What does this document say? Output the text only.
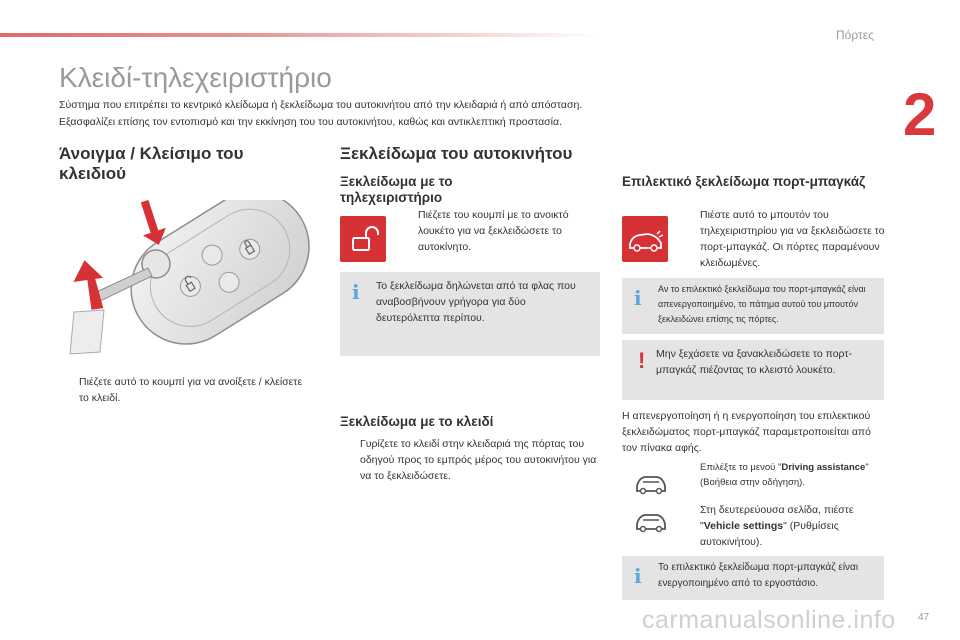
Πόρτες
2
Κλειδί-τηλεχειριστήριο
Σύστημα που επιτρέπει το κεντρικό κλείδωμα ή ξεκλείδωμα του αυτοκινήτου από την κλειδαριά ή από απόσταση.
Εξασφαλίζει επίσης τον εντοπισμό και την εκκίνηση του του αυτοκινήτου, καθώς και αντικλεπτική προστασία.
Άνοιγμα / Κλείσιμο του κλειδιού
Πιέζετε αυτό το κουμπί για να ανοίξετε / κλείσετε το κλειδί.
Ξεκλείδωμα του αυτοκινήτου
Ξεκλείδωμα με το τηλεχειριστήριο
Πιέζετε του κουμπί με το ανοικτό λουκέτο για να ξεκλειδώσετε το αυτοκίνητο.
i Το ξεκλείδωμα δηλώνεται από τα φλας που αναβοσβήνουν γρήγορα για δύο δευτερόλεπτα περίπου.
Ξεκλείδωμα με το κλειδί
Γυρίζετε το κλειδί στην κλειδαριά της πόρτας του οδηγού προς το εμπρός μέρος του αυτοκινήτου για να το ξεκλειδώσετε.
Επιλεκτικό ξεκλείδωμα πορτ-μπαγκάζ
Πιέστε αυτό το μπουτόν του τηλεχειριστηρίου για να ξεκλειδώσετε το πορτ-μπαγκάζ. Οι πόρτες παραμένουν κλειδωμένες.
i Αν το επιλεκτικό ξεκλείδωμα του πορτ-μπαγκάζ είναι απενεργοποιημένο, το πάτημα αυτού του μπουτόν ξεκλειδώνει επίσης τις πόρτες.
! Μην ξεχάσετε να ξανακλειδώσετε το πορτ-μπαγκάζ πιέζοντας το κλειστό λουκέτο.
Η απενεργοποίηση ή η ενεργοποίηση του επιλεκτικού ξεκλειδώματος πορτ-μπαγκάζ παραμετροποιείται από τον πίνακα αφής.
Επιλέξτε το μενού "Driving assistance" (Βοήθεια στην οδήγηση).
Στη δευτερεύουσα σελίδα, πιέστε "Vehicle settings" (Ρυθμίσεις αυτοκινήτου).
i Το επιλεκτικό ξεκλείδωμα πορτ-μπαγκάζ είναι ενεργοποιημένο από το εργοστάσιο.
carmanualsonline.info 47
